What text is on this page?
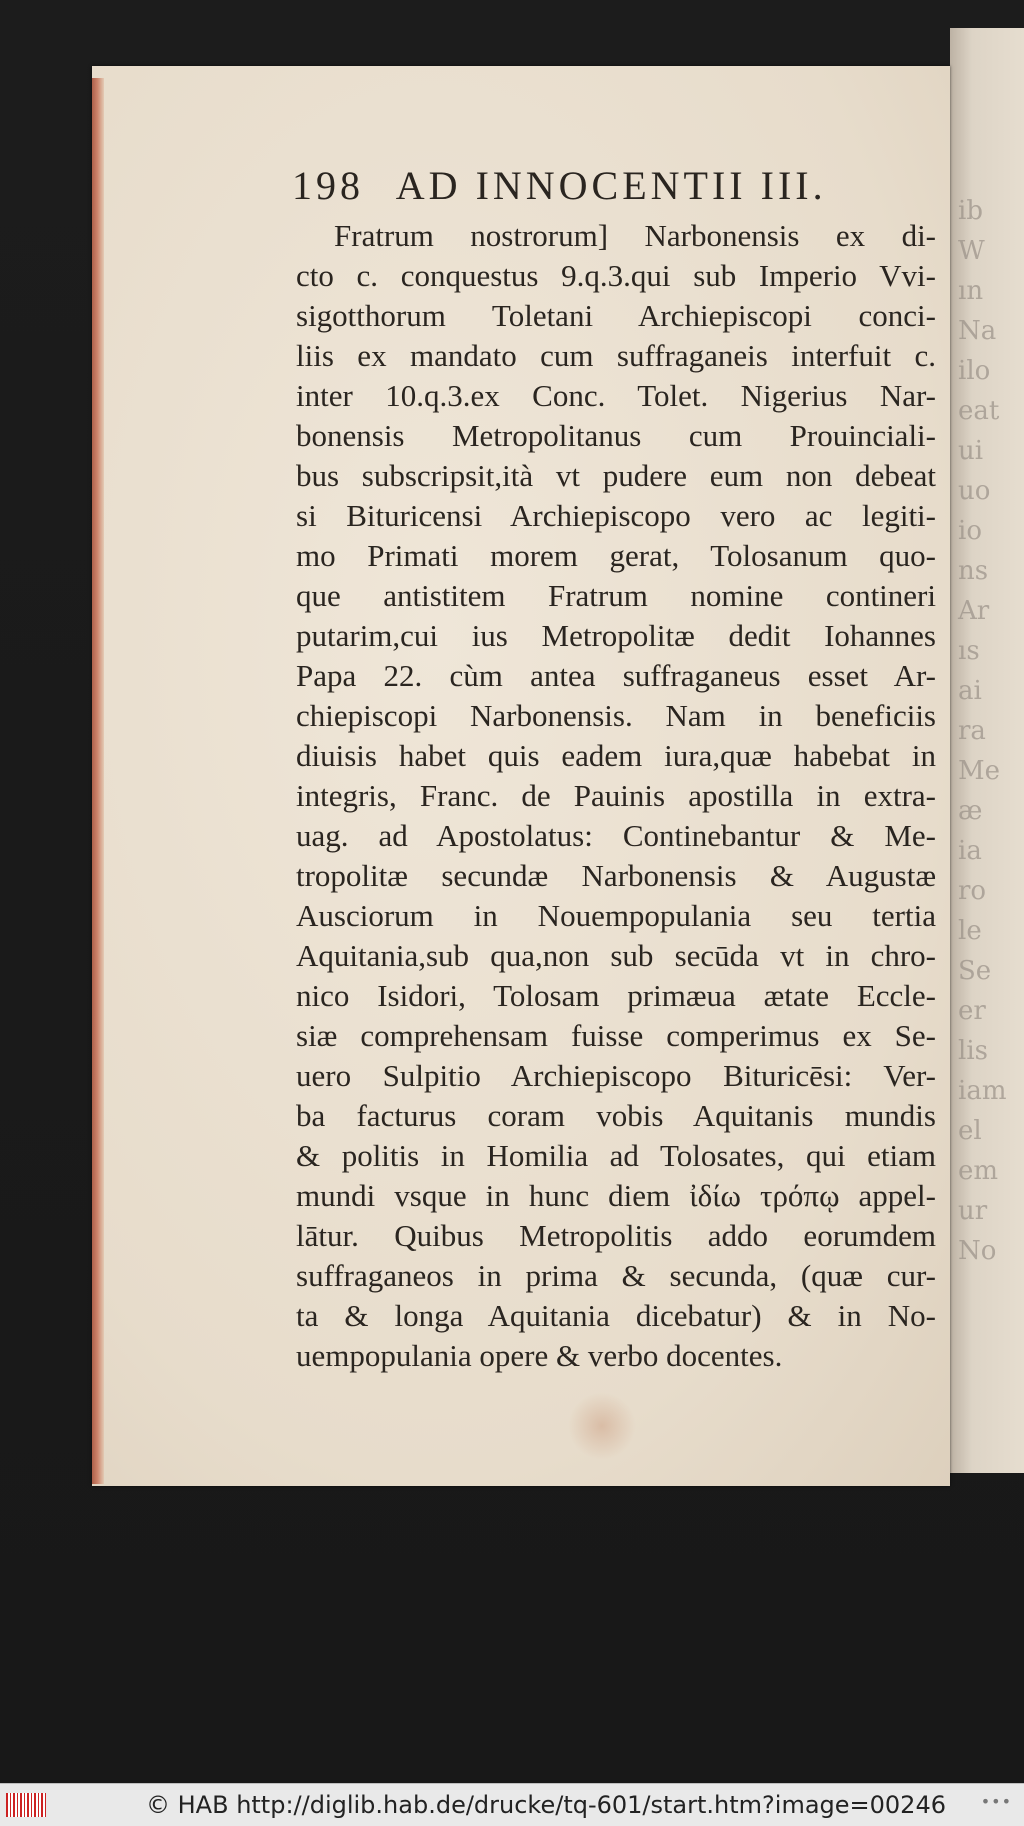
ib
W
ın
Na
ilo
eat
ui
uo
io
ns
Ar
ıs
ai
ra
Me
æ
ia
ro
le
Se
er
lis
iam
el
em
ur
No
198 AD INNOCENTII III.
Fratrum nostrorum] Narbonensis ex di-
cto c. conquestus 9.q.3.qui sub Imperio Vvi-
sigotthorum Toletani Archiepiscopi conci-
liis ex mandato cum suffraganeis interfuit c.
inter 10.q.3.ex Conc. Tolet. Nigerius Nar-
bonensis Metropolitanus cum Prouinciali-
bus subscripsit,ità vt pudere eum non debeat
si Bituricensi Archiepiscopo vero ac legiti-
mo Primati morem gerat, Tolosanum quo-
que antistitem Fratrum nomine contineri
putarim,cui ius Metropolitæ dedit Iohannes
Papa 22. cùm antea suffraganeus esset Ar-
chiepiscopi Narbonensis. Nam in beneficiis
diuisis habet quis eadem iura,quæ habebat in
integris, Franc. de Pauinis apostilla in extra-
uag. ad Apostolatus: Continebantur & Me-
tropolitæ secundæ Narbonensis & Augustæ
Ausciorum in Nouempopulania seu tertia
Aquitania,sub qua,non sub secūda vt in chro-
nico Isidori, Tolosam primæua ætate Eccle-
siæ comprehensam fuisse comperimus ex Se-
uero Sulpitio Archiepiscopo Bituricēsi: Ver-
ba facturus coram vobis Aquitanis mundis
& politis in Homilia ad Tolosates, qui etiam
mundi vsque in hunc diem ἰδίω τρόπῳ appel-
lātur. Quibus Metropolitis addo eorumdem
suffraganeos in prima & secunda, (quæ cur-
ta & longa Aquitania dicebatur) & in No-
uempopulania opere & verbo docentes.
© HAB http://diglib.hab.de/drucke/tq-601/start.htm?image=00246 •••
